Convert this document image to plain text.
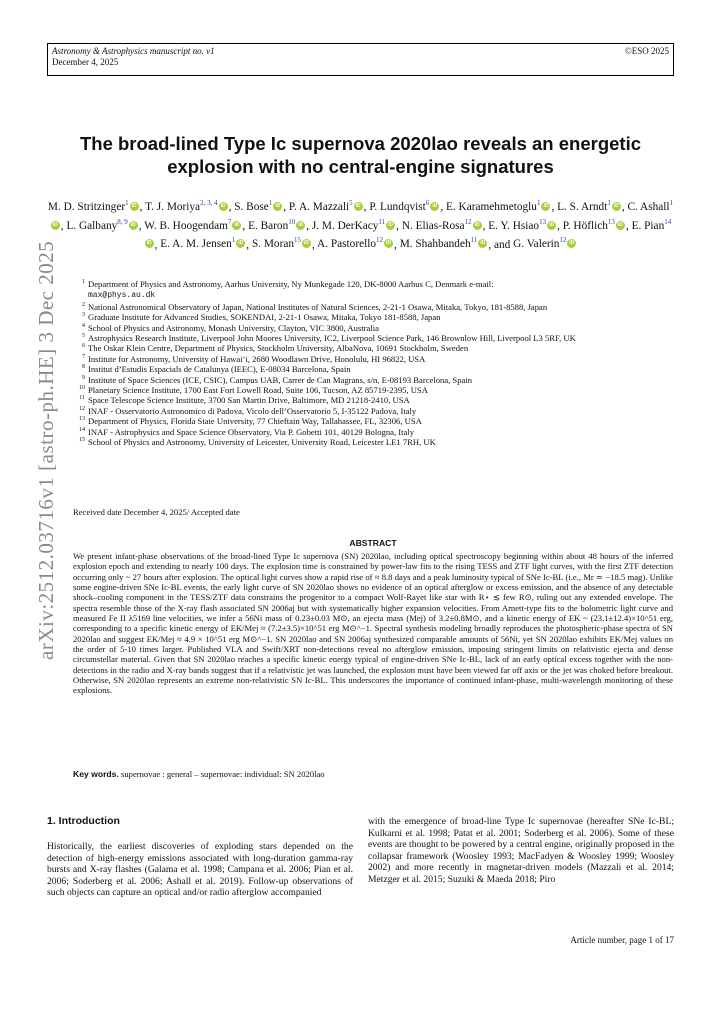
Astronomy & Astrophysics manuscript no. v1
December 4, 2025
©ESO 2025
arXiv:2512.03716v1 [astro-ph.HE] 3 Dec 2025
The broad-lined Type Ic supernova 2020lao reveals an energetic explosion with no central-engine signatures
M. D. Stritzinger$^1$ iD , T. J. Moriya$^{2, 3, 4}$ iD , S. Bose$^1$ iD , P. A. Mazzali$^5$ iD , P. Lundqvist$^6$ iD , E. Karamehmetoglu$^1$ iD , L. S. Arndt$^1$ iD , C. Ashall$^1$iD, L. Galbany$^{8, 9}$ iD , W. B. Hoogendam$^7$ iD , E. Baron$^{10}$ iD , J. M. DerKacy$^{11}$ iD , N. Elias-Rosa$^{12}$ iD , E. Y. Hsiao$^{13}$ iD , P. Höflich$^{13}$ iD , E. Pian$^{14}$iD, E. A. M. Jensen$^1$ iD , S. Moran$^{15}$ iD , A. Pastorello$^{12}$ iD , M. Shahbandeh$^{11}$ iD , and G. Valerin$^{12}$iD
1 Department of Physics and Astronomy, Aarhus University, Ny Munkegade 120, DK-8000 Aarhus C, Denmark e-mail:
max@phys.au.dk
2 National Astronomical Observatory of Japan, National Institutes of Natural Sciences, 2-21-1 Osawa, Mitaka, Tokyo, 181-8588, Japan
3 Graduate Institute for Advanced Studies, SOKENDAI, 2-21-1 Osawa, Mitaka, Tokyo 181-8588, Japan
4 School of Physics and Astronomy, Monash University, Clayton, VIC 3800, Australia
5 Astrophysics Research Institute, Liverpool John Moores University, IC2, Liverpool Science Park, 146 Brownlow Hill, Liverpool L3 5RF, UK
6 The Oskar Klein Centre, Department of Physics, Stockholm University, AlbaNova, 10691 Stockholm, Sweden
7 Institute for Astronomy, University of Hawai‘i, 2680 Woodlawn Drive, Honolulu, HI 96822, USA
8 Institut d’Estudis Espacials de Catalunya (IEEC), E-08034 Barcelona, Spain
9 Institute of Space Sciences (ICE, CSIC), Campus UAB, Carrer de Can Magrans, s/n, E-08193 Barcelona, Spain
10 Planetary Science Institute, 1700 East Fort Lowell Road, Suite 106, Tucson, AZ 85719-2395, USA
11 Space Telescope Science Institute, 3700 San Martin Drive, Baltimore, MD 21218-2410, USA
12 INAF - Osservatorio Astronomico di Padova, Vicolo dell’Osservatorio 5, I-35122 Padova, Italy
13 Department of Physics, Florida State University, 77 Chieftain Way, Tallahassee, FL, 32306, USA
14 INAF - Astrophysics and Space Science Observatory, Via P. Gobetti 101, 40129 Bologna, Italy
15 School of Physics and Astronomy, University of Leicester, University Road, Leicester LE1 7RH, UK
Received date December 4, 2025/ Accepted date
ABSTRACT
We present infant-phase observations of the broad-lined Type Ic supernova (SN) 2020lao, including optical spectroscopy beginning within about 48 hours of the inferred explosion epoch and extending to nearly 100 days. The explosion time is constrained by power-law fits to the rising TESS and ZTF light curves, with the first ZTF detection occurring only ~ 27 hours after explosion. The optical light curves show a rapid rise of ≈ 8.8 days and a peak luminosity typical of SNe Ic-BL (i.e., Mr ≃ −18.5 mag). Unlike some engine-driven SNe Ic-BL events, the early light curve of SN 2020lao shows no evidence of an optical afterglow or excess emission, and the absence of any detectable shock–cooling component in the TESS/ZTF data constrains the progenitor to a compact Wolf-Rayet like star with R⋆ ≲ few R⊙, ruling out any extended envelope. The spectra resemble those of the X-ray flash associated SN 2006aj but with systematically higher expansion velocities. From Arnett-type fits to the bolometric light curve and measured Fe II λ5169 line velocities, we infer a 56Ni mass of 0.23±0.03 M⊙, an ejecta mass (Mej) of 3.2±0.8M⊙, and a kinetic energy of EK ~ (23.1±12.4)×10^51 erg, corresponding to a specific kinetic energy of EK/Mej ≈ (7.2±3.5)×10^51 erg M⊙^−1. Spectral synthesis modeling broadly reproduces the photospheric-phase spectra of SN 2020lao and suggest EK/Mej ≈ 4.9 × 10^51 erg M⊙^−1. SN 2020lao and SN 2006aj synthesized comparable amounts of 56Ni, yet SN 2020lao exhibits EK/Mej values on the order of 5-10 times larger. Published VLA and Swift/XRT non-detections reveal no afterglow emission, imposing stringent limits on relativistic ejecta and dense circumstellar material. Given that SN 2020lao reaches a specific kinetic energy typical of engine-driven SNe Ic-BL, lack of an early optical excess together with the non-detections in the radio and X-ray bands suggest that if a relativistic jet was launched, the explosion must have been viewed far off axis or the jet was choked before breakout. Otherwise, SN 2020lao represents an extreme non-relativistic SN Ic-BL. This underscores the importance of continued infant-phase, multi-wavelength monitoring of these explosions.
Key words. supernovae : general – supernovae: individual: SN 2020lao
1. Introduction
Historically, the earliest discoveries of exploding stars depended on the detection of high-energy emissions associated with long-duration gamma-ray bursts and X-ray flashes (Galama et al. 1998; Campana et al. 2006; Pian et al. 2006; Soderberg et al. 2006; Ashall et al. 2019). Follow-up observations of such objects can capture an optical and/or radio afterglow accompanied
with the emergence of broad-line Type Ic supernovae (hereafter SNe Ic-BL; Kulkarni et al. 1998; Patat et al. 2001; Soderberg et al. 2006). Some of these events are thought to be powered by a central engine, originally proposed in the collapsar framework (Woosley 1993; MacFadyen & Woosley 1999; Woosley 2002) and more recently in magnetar-driven models (Mazzali et al. 2014; Metzger et al. 2015; Suzuki & Maeda 2018; Piro
Article number, page 1 of 17
